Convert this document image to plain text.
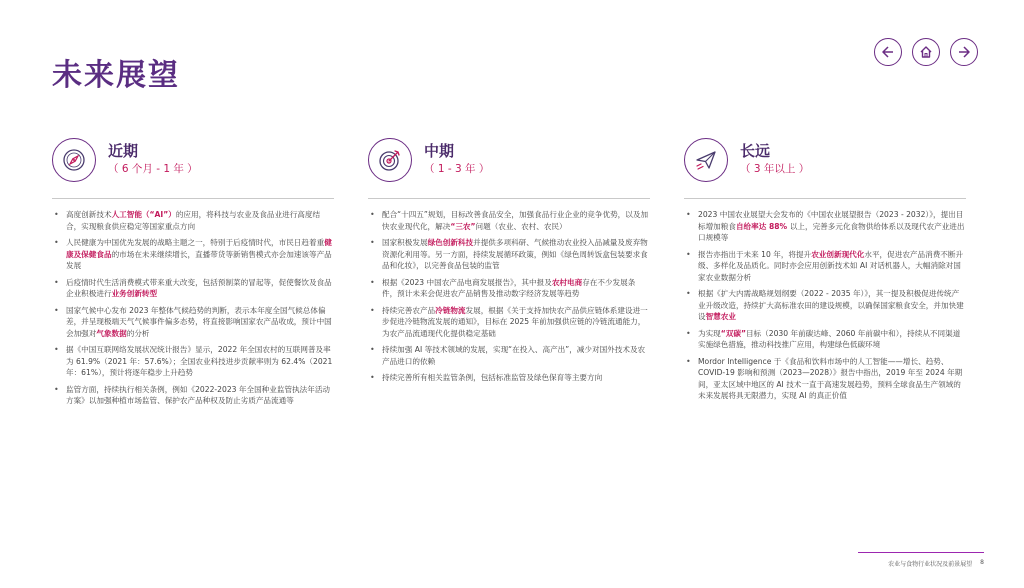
未来展望
近期
（ 6 个月 - 1 年 ）
• 高度创新技术人工智能（“AI”）的应用，将科技与农业及食品业进行高度结合，实现粮食供应稳定等国家重点方向
• 人民健康为中国优先发展的战略主题之一，特别于后疫情时代，市民日趋着重健康及保健食品的市场在未来继续增长，直播带货等新销售模式亦会加速该等产品发展
• 后疫情时代生活消费模式带来重大改变，包括预制菜的冒起等，促使餐饮及食品企业积极进行业务创新转型
• 国家气候中心发布 2023 年整体气候趋势的判断，表示本年度全国气候总体偏差，并呈现极端天气气候事件偏多态势，将直接影响国家农产品收成，预计中国会加强对气象数据的分析
• 据《中国互联网络发展状况统计报告》显示，2022 年全国农村的互联网普及率为 61.9%（2021 年：57.6%）；全国农业科技进步贡献率则为 62.4%（2021 年：61%），预计将逐年稳步上升趋势
• 监管方面，持续执行相关条例，例如《2022-2023 年全国种业监管执法年活动方案》以加强种植市场监管、保护农产品种权及防止劣质产品流通等
中期
（ 1 - 3 年 ）
• 配合“十四五”规划，目标改善食品安全，加强食品行业企业的竞争优势，以及加快农业现代化，解决“三农”问题（农业、农村、农民）
• 国家积极发展绿色创新科技并提供多项科研、气候推动农业投入品减量及废弃物资源化利用等。另一方面，持续发展循环政策，例如《绿色周转饭盒包装要求食品和化妆》，以完善食品包装的监管
• 根据《2023 中国农产品电商发展报告》，其中报及农村电商存在不少发展条件，预计未来会促进农产品销售及推动数字经济发展等趋势
• 持续完善农产品冷链物流发展，根据《关于支持加快农产品供应链体系建设进一步促进冷链物流发展的通知》，目标在 2025 年前加强供应链的冷链流通能力，为农产品流通现代化提供稳定基础
• 持续加强 AI 等技术领域的发展，实现“在投入、高产出”，减少对国外技术及农产品进口的依赖
• 持续完善所有相关监管条例，包括标准监管及绿色保育等主要方向
长远
（ 3 年以上 ）
• 2023 中国农业展望大会发布的《中国农业展望报告（2023 - 2032）》，提出目标增加粮食自给率达 88% 以上，完善多元化食物供给体系以及现代农产业进出口规模等
• 报告亦指出于未来 10 年，将提升农业创新现代化水平，促进农产品消费不断升级、多样化及品质化。同时亦会应用创新技术如 AI 对话机器人，大幅消除对国家农业数据分析
• 根据《扩大内需战略规划纲要（2022 - 2035 年）》，其一提及积极促进传统产业升级改造，持续扩大高标准农田的建设规模，以确保国家粮食安全，并加快建设智慧农业
• 为实现“双碳”目标（2030 年前碳达峰、2060 年前碳中和），持续从不同渠道实施绿色措施，推动科技推广应用，构建绿色低碳环境
• Mordor Intelligence 于《食品和饮料市场中的人工智能——增长、趋势、COVID-19 影响和预测（2023—2028）》报告中指出，2019 年至 2024 年期间，亚太区域中地区的 AI 技术一直于高速发展趋势，预料全球食品生产领域的未来发展将具无限潜力，实现 AI 的真正价值
农业与食物行业状况及前景展望 8
